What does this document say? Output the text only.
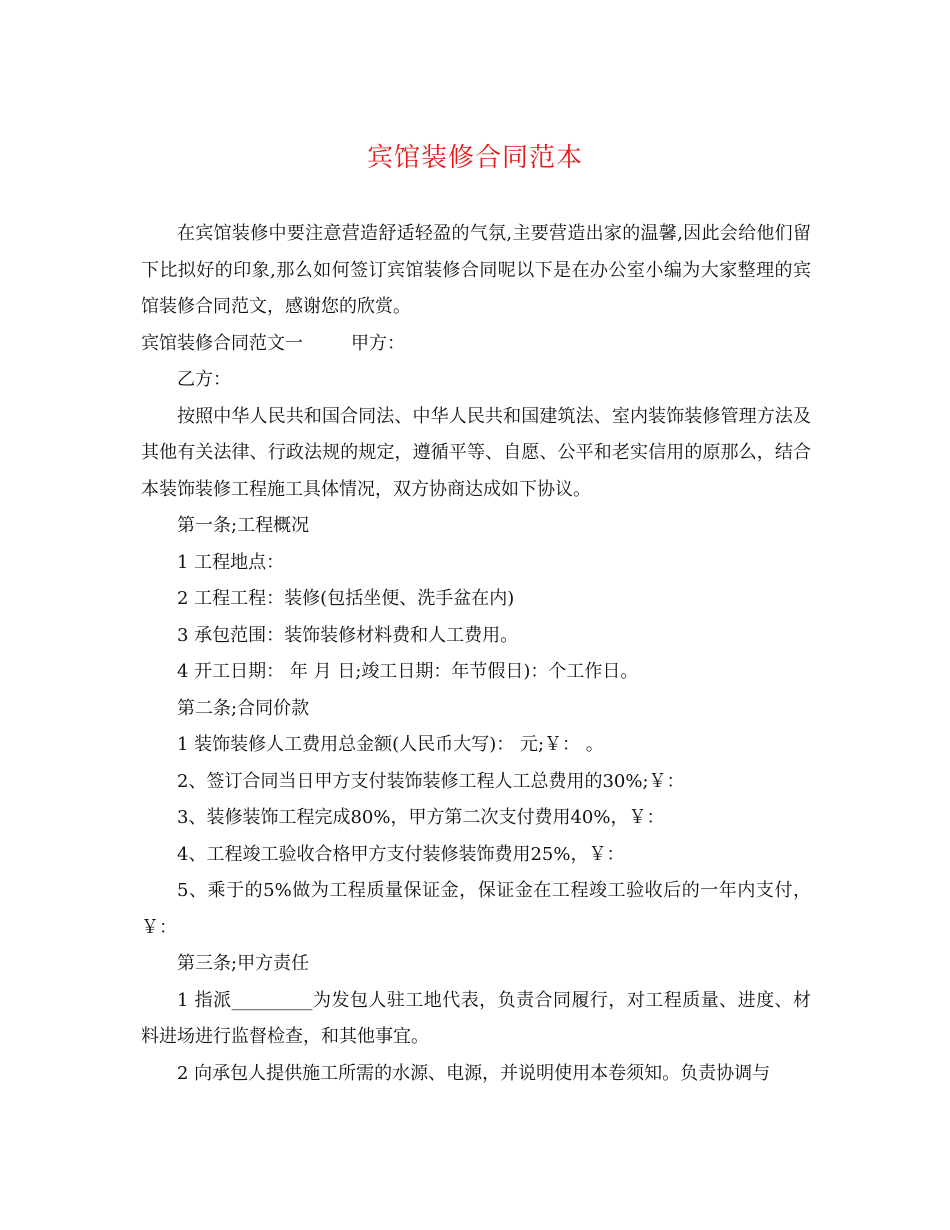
宾馆装修合同范本

在宾馆装修中要注意营造舒适轻盈的气氛,主要营造出家的温馨,因此会给他们留下比拟好的印象,那么如何签订宾馆装修合同呢以下是在办公室小编为大家整理的宾馆装修合同范文，感谢您的欣赏。

宾馆装修合同范文一	甲方：

乙方：

按照中华人民共和国合同法、中华人民共和国建筑法、室内装饰装修管理方法及其他有关法律、行政法规的规定，遵循平等、自愿、公平和老实信用的原那么，结合本装饰装修工程施工具体情况，双方协商达成如下协议。

第一条;工程概况

1 工程地点：

2 工程工程：装修(包括坐便、洗手盆在内)

3 承包范围：装饰装修材料费和人工费用。

4 开工日期： 年 月 日;竣工日期：年节假日)：个工作日。

第二条;合同价款

1 装饰装修人工费用总金额(人民币大写)： 元;￥： 。

2、签订合同当日甲方支付装饰装修工程人工总费用的30%;￥：

3、装修装饰工程完成80%，甲方第二次支付费用40%，￥：

4、工程竣工验收合格甲方支付装修装饰费用25%，￥：

5、乘于的5%做为工程质量保证金，保证金在工程竣工验收后的一年内支付，￥：

第三条;甲方责任

1 指派_________为发包人驻工地代表，负责合同履行，对工程质量、进度、材料进场进行监督检查，和其他事宜。

2 向承包人提供施工所需的水源、电源，并说明使用本卷须知。负责协调与
